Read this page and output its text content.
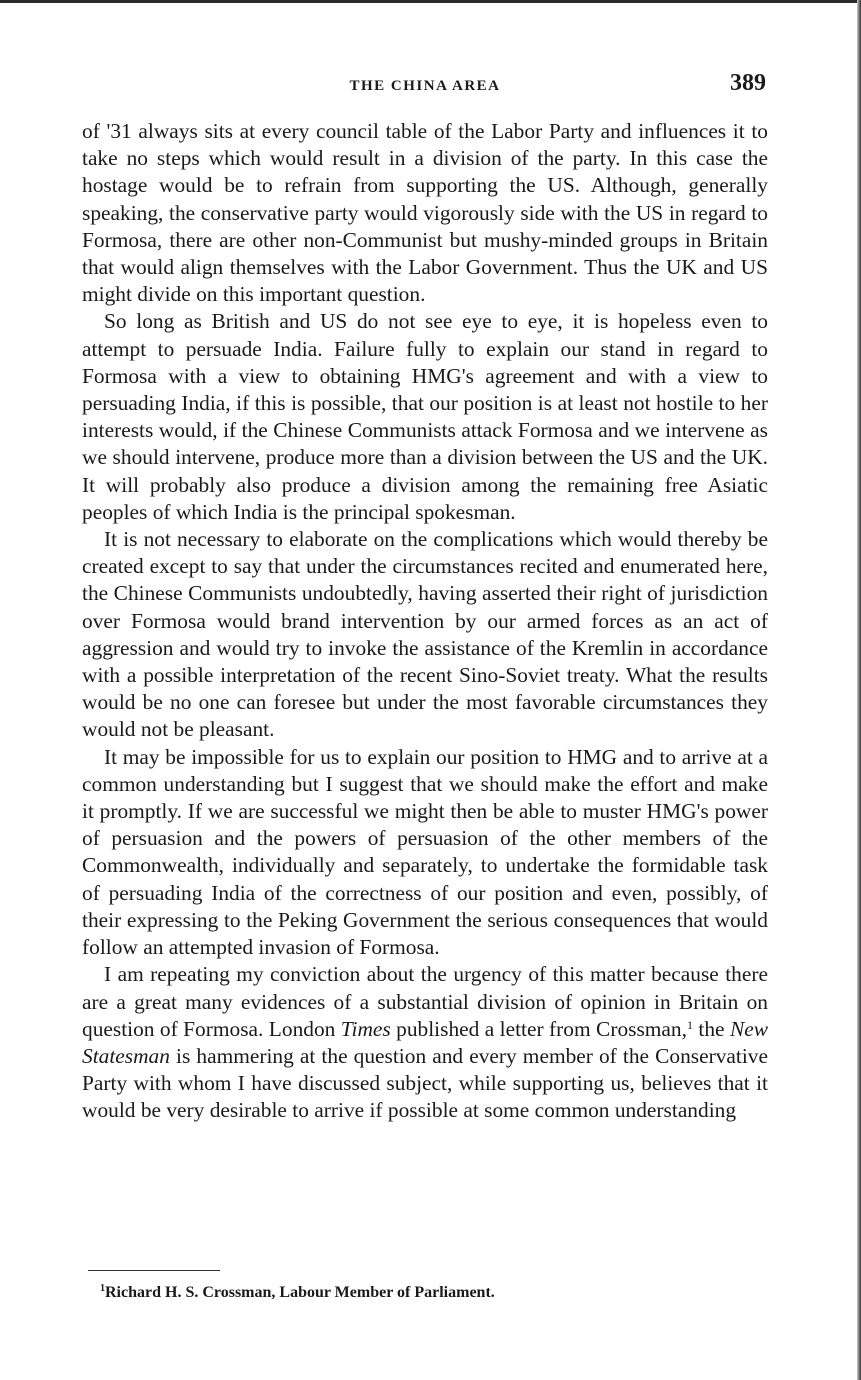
THE CHINA AREA	389

of '31 always sits at every council table of the Labor Party and influences it to take no steps which would result in a division of the party. In this case the hostage would be to refrain from supporting the US. Although, generally speaking, the conservative party would vigorously side with the US in regard to Formosa, there are other non-Communist but mushy-minded groups in Britain that would align themselves with the Labor Government. Thus the UK and US might divide on this important question.

So long as British and US do not see eye to eye, it is hopeless even to attempt to persuade India. Failure fully to explain our stand in regard to Formosa with a view to obtaining HMG's agreement and with a view to persuading India, if this is possible, that our position is at least not hostile to her interests would, if the Chinese Communists attack Formosa and we intervene as we should intervene, produce more than a division between the US and the UK. It will probably also produce a division among the remaining free Asiatic peoples of which India is the principal spokesman.

It is not necessary to elaborate on the complications which would thereby be created except to say that under the circumstances recited and enumerated here, the Chinese Communists undoubtedly, having asserted their right of jurisdiction over Formosa would brand intervention by our armed forces as an act of aggression and would try to invoke the assistance of the Kremlin in accordance with a possible interpretation of the recent Sino-Soviet treaty. What the results would be no one can foresee but under the most favorable circumstances they would not be pleasant.

It may be impossible for us to explain our position to HMG and to arrive at a common understanding but I suggest that we should make the effort and make it promptly. If we are successful we might then be able to muster HMG's power of persuasion and the powers of persuasion of the other members of the Commonwealth, individually and separately, to undertake the formidable task of persuading India of the correctness of our position and even, possibly, of their expressing to the Peking Government the serious consequences that would follow an attempted invasion of Formosa.

I am repeating my conviction about the urgency of this matter because there are a great many evidences of a substantial division of opinion in Britain on question of Formosa. London Times published a letter from Crossman,$^1$ the New Statesman is hammering at the question and every member of the Conservative Party with whom I have discussed subject, while supporting us, believes that it would be very desirable to arrive if possible at some common understanding

$^1$Richard H. S. Crossman, Labour Member of Parliament.
